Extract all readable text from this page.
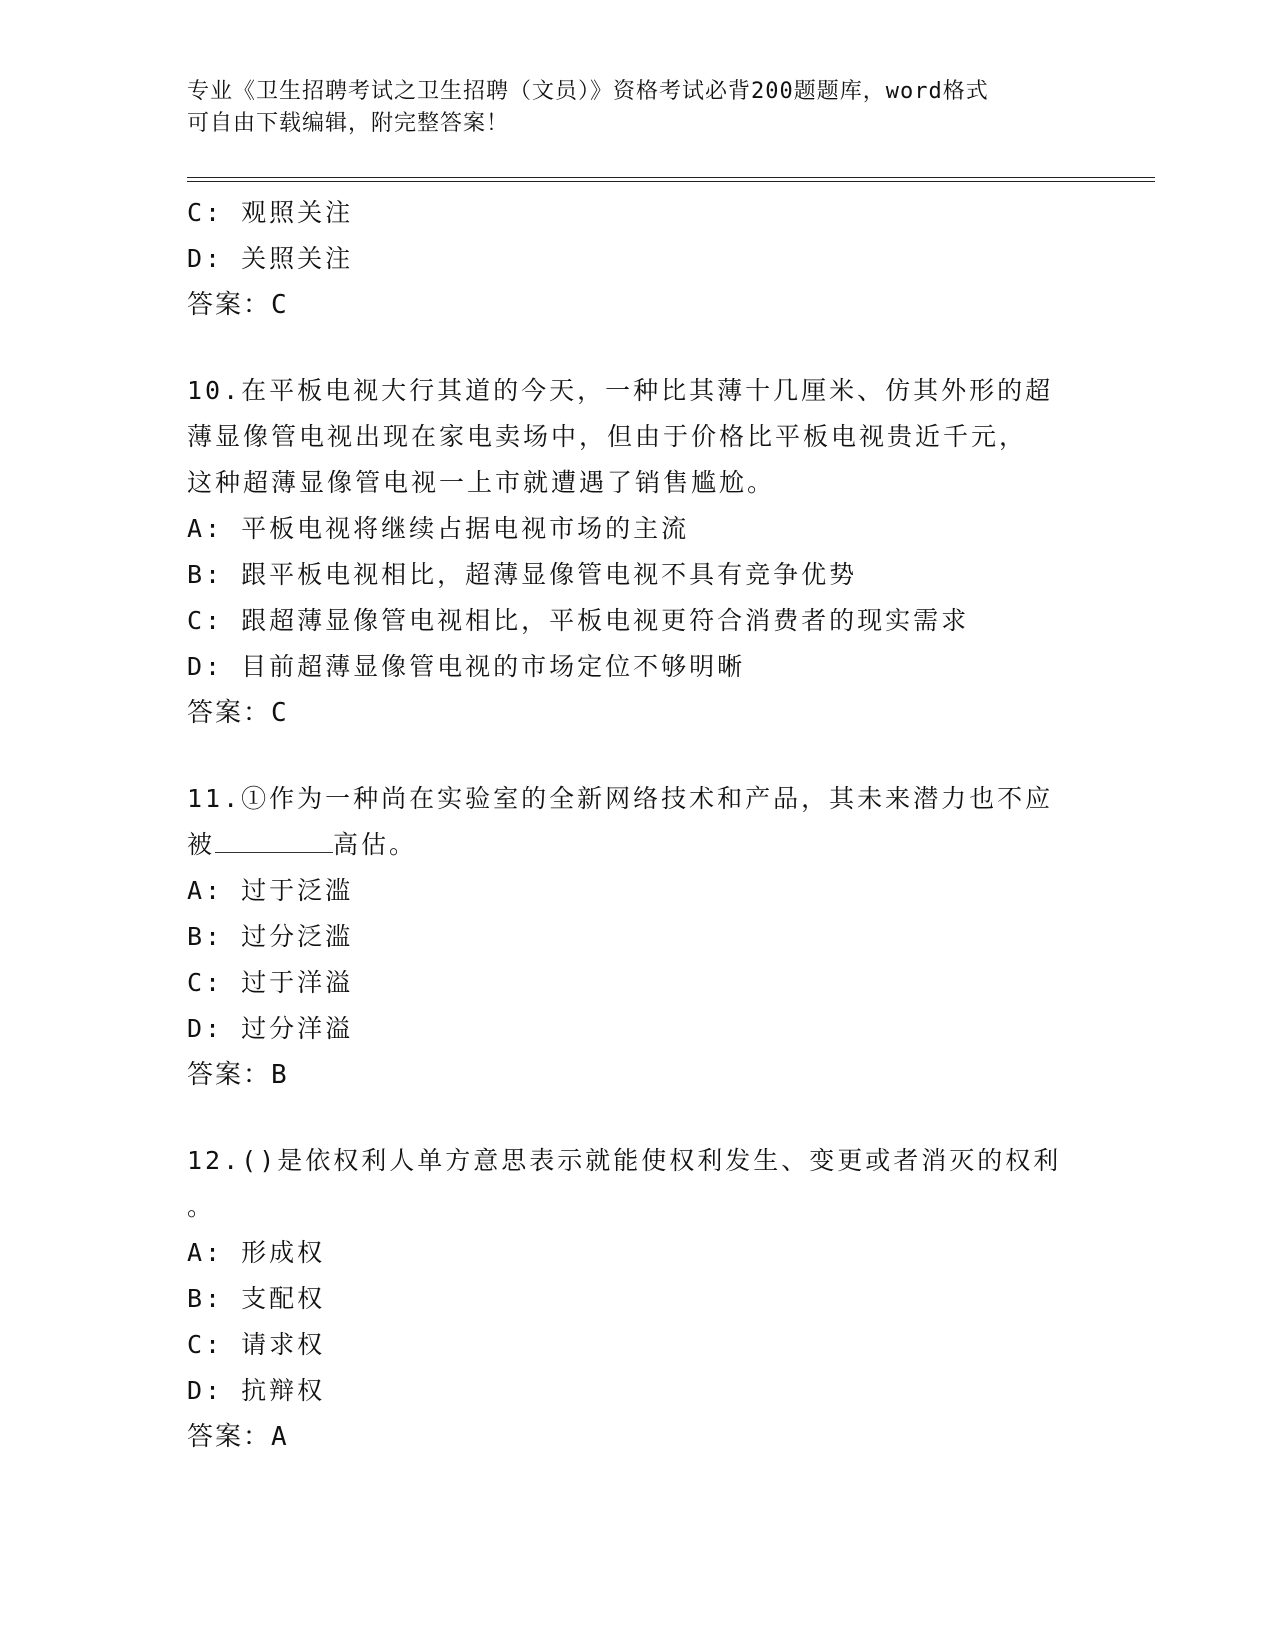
专业《卫生招聘考试之卫生招聘（文员）》资格考试必背200题题库，word格式
可自由下载编辑，附完整答案！
C: 观照关注
D: 关照关注
答案：C
10.在平板电视大行其道的今天，一种比其薄十几厘米、仿其外形的超
薄显像管电视出现在家电卖场中，但由于价格比平板电视贵近千元，
这种超薄显像管电视一上市就遭遇了销售尴尬。
A: 平板电视将继续占据电视市场的主流
B: 跟平板电视相比，超薄显像管电视不具有竞争优势
C: 跟超薄显像管电视相比，平板电视更符合消费者的现实需求
D: 目前超薄显像管电视的市场定位不够明晰
答案：C
11.①作为一种尚在实验室的全新网络技术和产品，其未来潜力也不应
被	高估。
A: 过于泛滥
B: 过分泛滥
C: 过于洋溢
D: 过分洋溢
答案：B
12.()是依权利人单方意思表示就能使权利发生、变更或者消灭的权利
。
A: 形成权
B: 支配权
C: 请求权
D: 抗辩权
答案：A
